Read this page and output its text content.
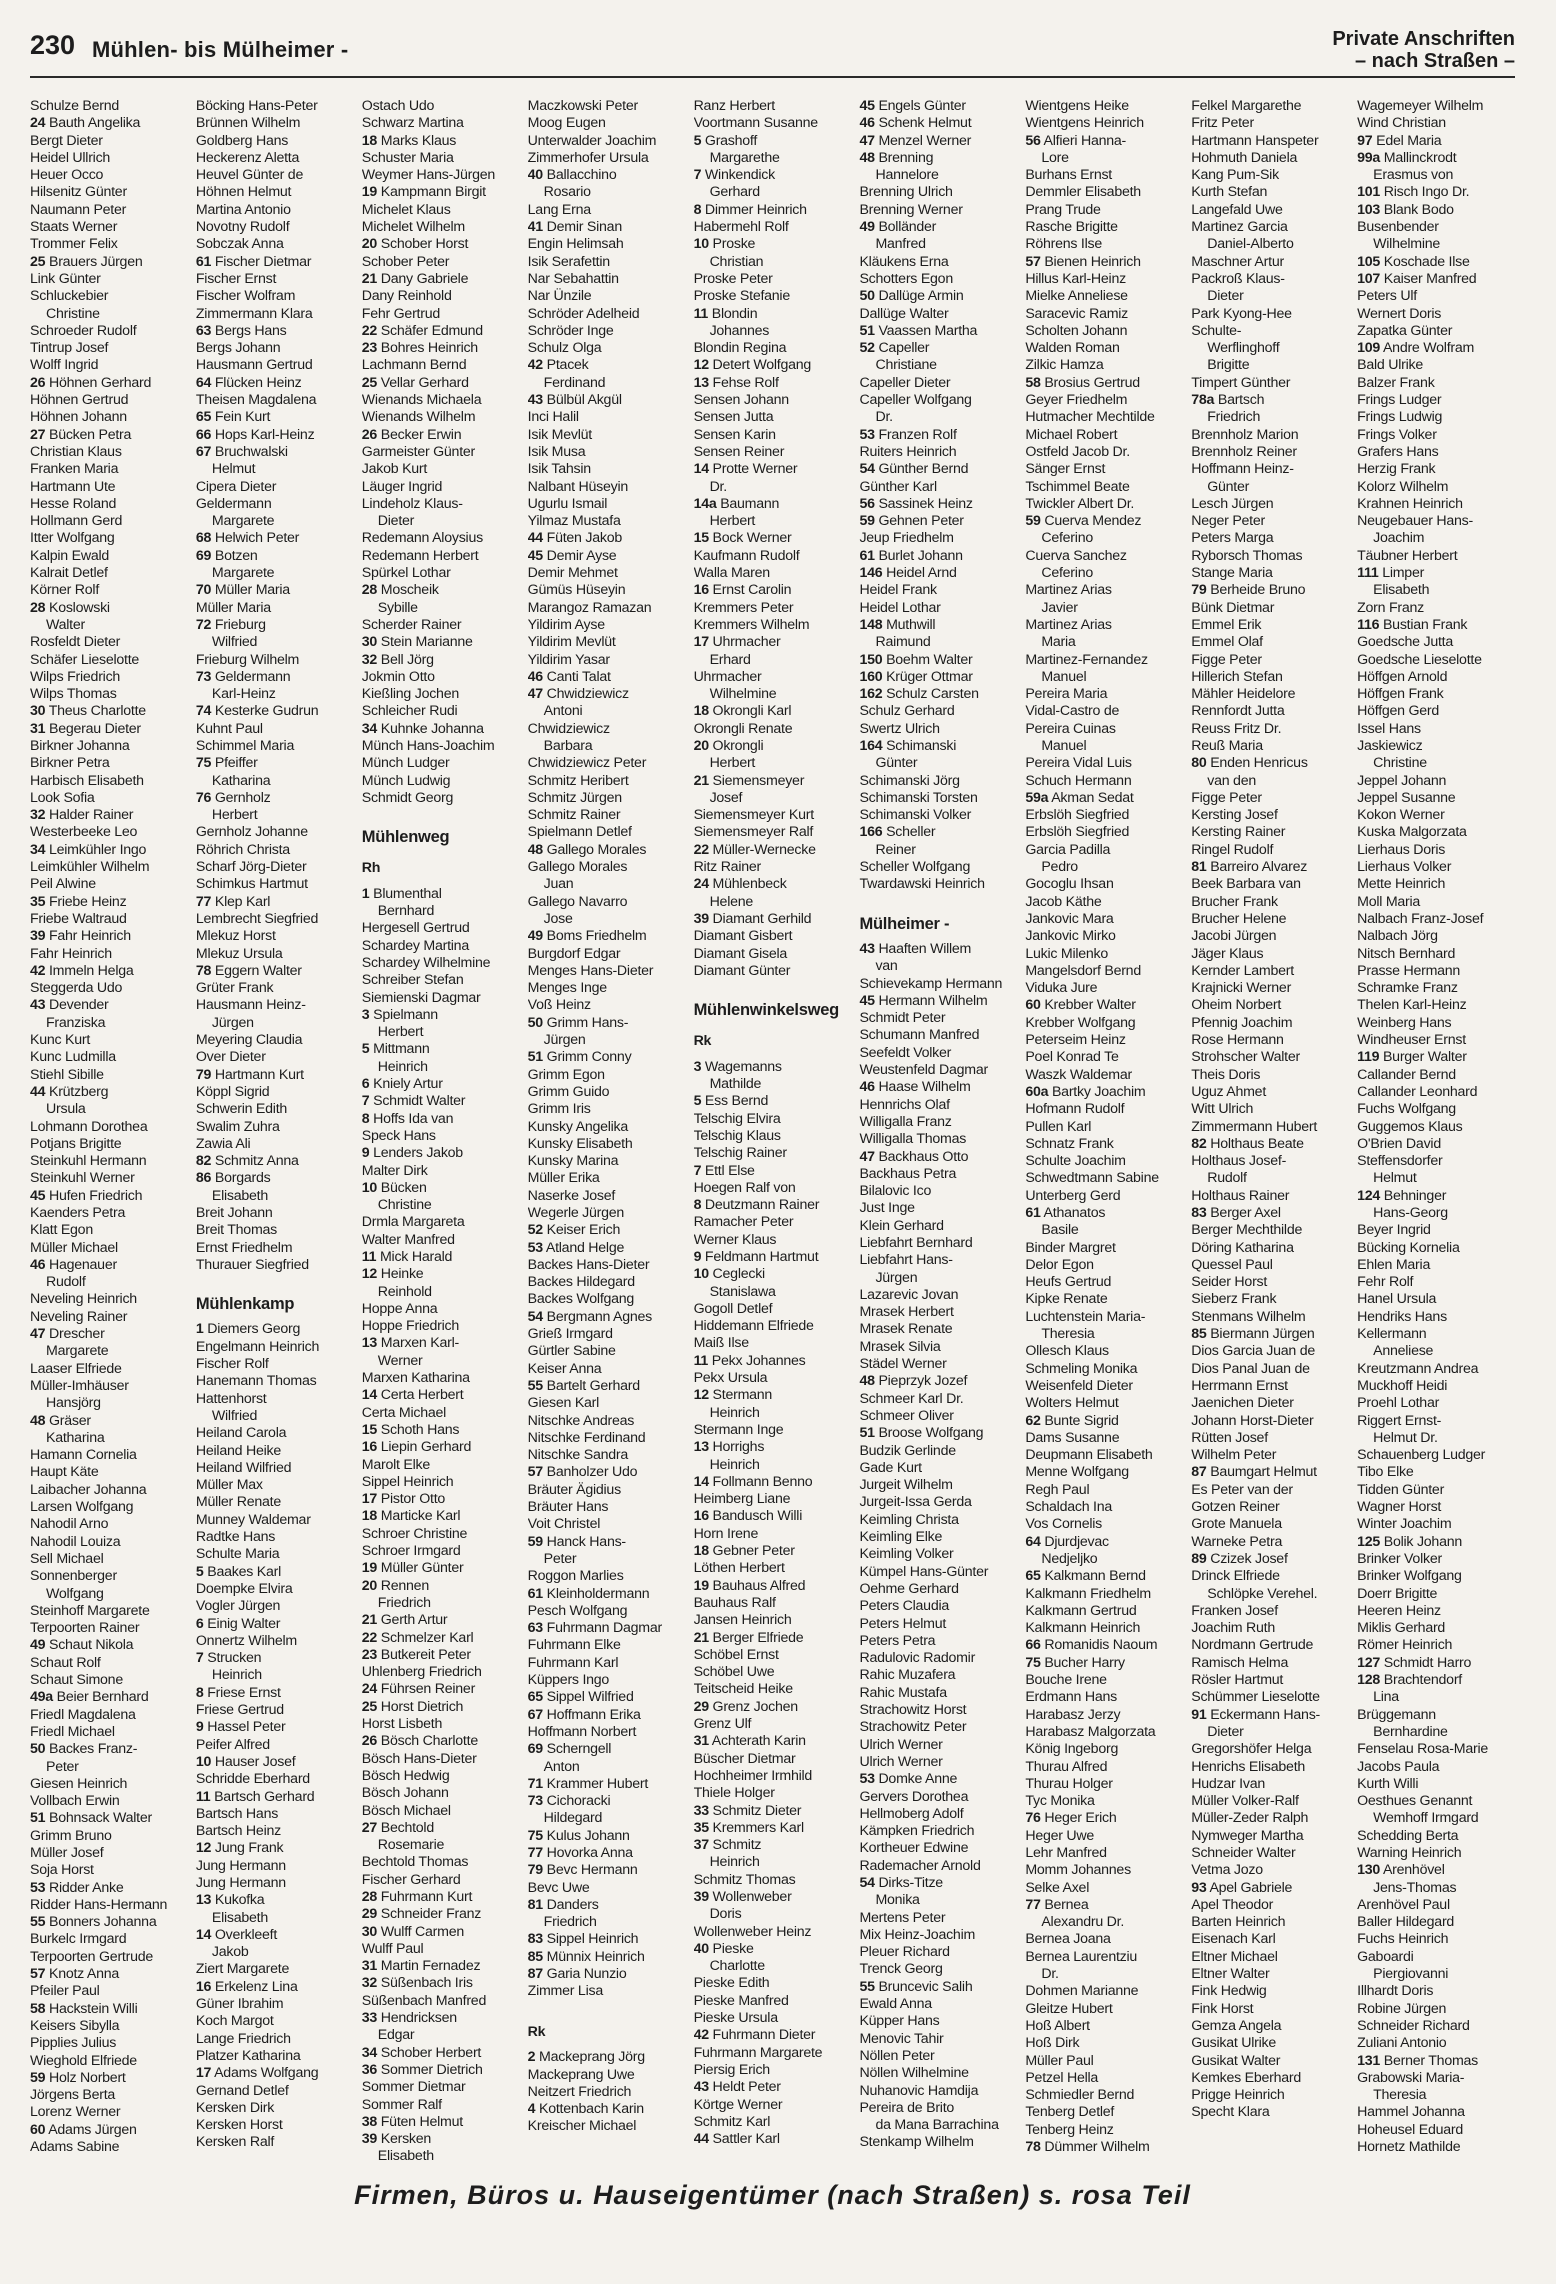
230 Mühlen- bis Mülheimer -	Private Anschriften
– nach Straßen –
Schulze Bernd
24 Bauth Angelika
Bergt Dieter
Heidel Ullrich
Heuer Occo
Hilsenitz Günter
Naumann Peter
Staats Werner
Trommer Felix
25 Brauers Jürgen
Link Günter
Schluckebier
Christine
Schroeder Rudolf
Tintrup Josef
Wolff Ingrid
26 Höhnen Gerhard
Höhnen Gertrud
Höhnen Johann
27 Bücken Petra
Christian Klaus
Franken Maria
Hartmann Ute
Hesse Roland
Hollmann Gerd
Itter Wolfgang
Kalpin Ewald
Kalrait Detlef
Körner Rolf
28 Koslowski
Walter
Rosfeldt Dieter
Schäfer Lieselotte
Wilps Friedrich
Wilps Thomas
30 Theus Charlotte
31 Begerau Dieter
Birkner Johanna
Birkner Petra
Harbisch Elisabeth
Look Sofia
32 Halder Rainer
Westerbeeke Leo
34 Leimkühler Ingo
Leimkühler Wilhelm
Peil Alwine
35 Friebe Heinz
Friebe Waltraud
39 Fahr Heinrich
Fahr Heinrich
42 Immeln Helga
Steggerda Udo
43 Devender
Franziska
Kunc Kurt
Kunc Ludmilla
Stiehl Sibille
44 Krützberg
Ursula
Lohmann Dorothea
Potjans Brigitte
Steinkuhl Hermann
Steinkuhl Werner
45 Hufen Friedrich
Kaenders Petra
Klatt Egon
Müller Michael
46 Hagenauer
Rudolf
Neveling Heinrich
Neveling Rainer
47 Drescher
Margarete
Laaser Elfriede
Müller-Imhäuser
Hansjörg
48 Gräser
Katharina
Hamann Cornelia
Haupt Käte
Laibacher Johanna
Larsen Wolfgang
Nahodil Arno
Nahodil Louiza
Sell Michael
Sonnenberger
Wolfgang
Steinhoff Margarete
Terpoorten Rainer
49 Schaut Nikola
Schaut Rolf
Schaut Simone
49a Beier Bernhard
Friedl Magdalena
Friedl Michael
50 Backes Franz-
Peter
Giesen Heinrich
Vollbach Erwin
51 Bohnsack Walter
Grimm Bruno
Müller Josef
Soja Horst
53 Ridder Anke
Ridder Hans-Hermann
55 Bonners Johanna
Burkelc Irmgard
Terpoorten Gertrude
57 Knotz Anna
Pfeiler Paul
58 Hackstein Willi
Keisers Sibylla
Pipplies Julius
Wieghold Elfriede
59 Holz Norbert
Jörgens Berta
Lorenz Werner
60 Adams Jürgen
Adams Sabine
Böcking Hans-Peter
Brünnen Wilhelm
Goldberg Hans
Heckerenz Aletta
Heuvel Günter de
Höhnen Helmut
Martina Antonio
Novotny Rudolf
Sobczak Anna
61 Fischer Dietmar
Fischer Ernst
Fischer Wolfram
Zimmermann Klara
63 Bergs Hans
Bergs Johann
Hausmann Gertrud
64 Flücken Heinz
Theisen Magdalena
65 Fein Kurt
66 Hops Karl-Heinz
67 Bruchwalski
Helmut
Cipera Dieter
Geldermann
Margarete
68 Helwich Peter
69 Botzen
Margarete
70 Müller Maria
Müller Maria
72 Frieburg
Wilfried
Frieburg Wilhelm
73 Geldermann
Karl-Heinz
74 Kesterke Gudrun
Kuhnt Paul
Schimmel Maria
75 Pfeiffer
Katharina
76 Gernholz
Herbert
Gernholz Johanne
Röhrich Christa
Scharf Jörg-Dieter
Schimkus Hartmut
77 Klep Karl
Lembrecht Siegfried
Mlekuz Horst
Mlekuz Ursula
78 Eggern Walter
Grüter Frank
Hausmann Heinz-
Jürgen
Meyering Claudia
Over Dieter
79 Hartmann Kurt
Köppl Sigrid
Schwerin Edith
Swalim Zuhra
Zawia Ali
82 Schmitz Anna
86 Borgards
Elisabeth
Breit Johann
Breit Thomas
Ernst Friedhelm
Thurauer Siegfried
Mühlenkamp
1 Diemers Georg
Engelmann Heinrich
Fischer Rolf
Hanemann Thomas
Hattenhorst
Wilfried
Heiland Carola
Heiland Heike
Heiland Wilfried
Müller Max
Müller Renate
Munney Waldemar
Radtke Hans
Schulte Maria
5 Baakes Karl
Doempke Elvira
Vogler Jürgen
6 Einig Walter
Onnertz Wilhelm
7 Strucken
Heinrich
8 Friese Ernst
Friese Gertrud
9 Hassel Peter
Peifer Alfred
10 Hauser Josef
Schridde Eberhard
11 Bartsch Gerhard
Bartsch Hans
Bartsch Heinz
12 Jung Frank
Jung Hermann
Jung Hermann
13 Kukofka
Elisabeth
14 Overkleeft
Jakob
Ziert Margarete
16 Erkelenz Lina
Güner Ibrahim
Koch Margot
Lange Friedrich
Platzer Katharina
17 Adams Wolfgang
Gernand Detlef
Kersken Dirk
Kersken Horst
Kersken Ralf
Ostach Udo
Schwarz Martina
18 Marks Klaus
Schuster Maria
Weymer Hans-Jürgen
19 Kampmann Birgit
Michelet Klaus
Michelet Wilhelm
20 Schober Horst
Schober Peter
21 Dany Gabriele
Dany Reinhold
Fehr Gertrud
22 Schäfer Edmund
23 Bohres Heinrich
Lachmann Bernd
25 Vellar Gerhard
Wienands Michaela
Wienands Wilhelm
26 Becker Erwin
Garmeister Günter
Jakob Kurt
Läuger Ingrid
Lindeholz Klaus-
Dieter
Redemann Aloysius
Redemann Herbert
Spürkel Lothar
28 Moscheik
Sybille
Scherder Rainer
30 Stein Marianne
32 Bell Jörg
Jokmin Otto
Kießling Jochen
Schleicher Rudi
34 Kuhnke Johanna
Münch Hans-Joachim
Münch Ludger
Münch Ludwig
Schmidt Georg
Mühlenweg
Rh
1 Blumenthal
Bernhard
Hergesell Gertrud
Schardey Martina
Schardey Wilhelmine
Schreiber Stefan
Siemienski Dagmar
3 Spielmann
Herbert
5 Mittmann
Heinrich
6 Kniely Artur
7 Schmidt Walter
8 Hoffs Ida van
Speck Hans
9 Lenders Jakob
Malter Dirk
10 Bücken
Christine
Drmla Margareta
Walter Manfred
11 Mick Harald
12 Heinke
Reinhold
Hoppe Anna
Hoppe Friedrich
13 Marxen Karl-
Werner
Marxen Katharina
14 Certa Herbert
Certa Michael
15 Schoth Hans
16 Liepin Gerhard
Marolt Elke
Sippel Heinrich
17 Pistor Otto
18 Marticke Karl
Schroer Christine
Schroer Irmgard
19 Müller Günter
20 Rennen
Friedrich
21 Gerth Artur
22 Schmelzer Karl
23 Butkereit Peter
Uhlenberg Friedrich
24 Führsen Reiner
25 Horst Dietrich
Horst Lisbeth
26 Bösch Charlotte
Bösch Hans-Dieter
Bösch Hedwig
Bösch Johann
Bösch Michael
27 Bechtold
Rosemarie
Bechtold Thomas
Fischer Gerhard
28 Fuhrmann Kurt
29 Schneider Franz
30 Wulff Carmen
Wulff Paul
31 Martin Fernadez
32 Süßenbach Iris
Süßenbach Manfred
33 Hendricksen
Edgar
34 Schober Herbert
36 Sommer Dietrich
Sommer Dietmar
Sommer Ralf
38 Füten Helmut
39 Kersken
Elisabeth
Maczkowski Peter
Moog Eugen
Unterwalder Joachim
Zimmerhofer Ursula
40 Ballacchino
Rosario
Lang Erna
41 Demir Sinan
Engin Helimsah
Isik Serafettin
Nar Sebahattin
Nar Ünzile
Schröder Adelheid
Schröder Inge
Schulz Olga
42 Ptacek
Ferdinand
43 Bülbül Akgül
Inci Halil
Isik Mevlüt
Isik Musa
Isik Tahsin
Nalbant Hüseyin
Ugurlu Ismail
Yilmaz Mustafa
44 Füten Jakob
45 Demir Ayse
Demir Mehmet
Gümüs Hüseyin
Marangoz Ramazan
Yildirim Ayse
Yildirim Mevlüt
Yildirim Yasar
46 Canti Talat
47 Chwidziewicz
Antoni
Chwidziewicz
Barbara
Chwidziewicz Peter
Schmitz Heribert
Schmitz Jürgen
Schmitz Rainer
Spielmann Detlef
48 Gallego Morales
Gallego Morales
Juan
Gallego Navarro
Jose
49 Boms Friedhelm
Burgdorf Edgar
Menges Hans-Dieter
Menges Inge
Voß Heinz
50 Grimm Hans-
Jürgen
51 Grimm Conny
Grimm Egon
Grimm Guido
Grimm Iris
Kunsky Angelika
Kunsky Elisabeth
Kunsky Marina
Müller Erika
Naserke Josef
Wegerle Jürgen
52 Keiser Erich
53 Atland Helge
Backes Hans-Dieter
Backes Hildegard
Backes Wolfgang
54 Bergmann Agnes
Grieß Irmgard
Gürtler Sabine
Keiser Anna
55 Bartelt Gerhard
Giesen Karl
Nitschke Andreas
Nitschke Ferdinand
Nitschke Sandra
57 Banholzer Udo
Bräuter Ägidius
Bräuter Hans
Voit Christel
59 Hanck Hans-
Peter
Roggon Marlies
61 Kleinholdermann
Pesch Wolfgang
63 Fuhrmann Dagmar
Fuhrmann Elke
Fuhrmann Karl
Küppers Ingo
65 Sippel Wilfried
67 Hoffmann Erika
Hoffmann Norbert
69 Scherngell
Anton
71 Krammer Hubert
73 Cichoracki
Hildegard
75 Kulus Johann
77 Hovorka Anna
79 Bevc Hermann
Bevc Uwe
81 Danders
Friedrich
83 Sippel Heinrich
85 Münnix Heinrich
87 Garia Nunzio
Zimmer Lisa
Rk
2 Mackeprang Jörg
Mackeprang Uwe
Neitzert Friedrich
4 Kottenbach Karin
Kreischer Michael
Ranz Herbert
Voortmann Susanne
5 Grashoff
Margarethe
7 Winkendick
Gerhard
8 Dimmer Heinrich
Habermehl Rolf
10 Proske
Christian
Proske Peter
Proske Stefanie
11 Blondin
Johannes
Blondin Regina
12 Detert Wolfgang
13 Fehse Rolf
Sensen Johann
Sensen Jutta
Sensen Karin
Sensen Reiner
14 Protte Werner
Dr.
14a Baumann
Herbert
15 Bock Werner
Kaufmann Rudolf
Walla Maren
16 Ernst Carolin
Kremmers Peter
Kremmers Wilhelm
17 Uhrmacher
Erhard
Uhrmacher
Wilhelmine
18 Okrongli Karl
Okrongli Renate
20 Okrongli
Herbert
21 Siemensmeyer
Josef
Siemensmeyer Kurt
Siemensmeyer Ralf
22 Müller-Wernecke
Ritz Rainer
24 Mühlenbeck
Helene
39 Diamant Gerhild
Diamant Gisbert
Diamant Gisela
Diamant Günter
Mühlenwinkelsweg
Rk
3 Wagemanns
Mathilde
5 Ess Bernd
Telschig Elvira
Telschig Klaus
Telschig Rainer
7 Ettl Else
Hoegen Ralf von
8 Deutzmann Rainer
Ramacher Peter
Werner Klaus
9 Feldmann Hartmut
10 Ceglecki
Stanislawa
Gogoll Detlef
Hiddemann Elfriede
Maiß Ilse
11 Pekx Johannes
Pekx Ursula
12 Stermann
Heinrich
Stermann Inge
13 Horrighs
Heinrich
14 Follmann Benno
Heimberg Liane
16 Bandusch Willi
Horn Irene
18 Gebner Peter
Löthen Herbert
19 Bauhaus Alfred
Bauhaus Ralf
Jansen Heinrich
21 Berger Elfriede
Schöbel Ernst
Schöbel Uwe
Teitscheid Heike
29 Grenz Jochen
Grenz Ulf
31 Achterath Karin
Büscher Dietmar
Hochheimer Irmhild
Thiele Holger
33 Schmitz Dieter
35 Kremmers Karl
37 Schmitz
Heinrich
Schmitz Thomas
39 Wollenweber
Doris
Wollenweber Heinz
40 Pieske
Charlotte
Pieske Edith
Pieske Manfred
Pieske Ursula
42 Fuhrmann Dieter
Fuhrmann Margarete
Piersig Erich
43 Heldt Peter
Körtge Werner
Schmitz Karl
44 Sattler Karl
45 Engels Günter
46 Schenk Helmut
47 Menzel Werner
48 Brenning
Hannelore
Brenning Ulrich
Brenning Werner
49 Bolländer
Manfred
Kläukens Erna
Schotters Egon
50 Dallüge Armin
Dallüge Walter
51 Vaassen Martha
52 Capeller
Christiane
Capeller Dieter
Capeller Wolfgang
Dr.
53 Franzen Rolf
Ruiters Heinrich
54 Günther Bernd
Günther Karl
56 Sassinek Heinz
59 Gehnen Peter
Jeup Friedhelm
61 Burlet Johann
146 Heidel Arnd
Heidel Frank
Heidel Lothar
148 Muthwill
Raimund
150 Boehm Walter
160 Krüger Ottmar
162 Schulz Carsten
Schulz Gerhard
Swertz Ulrich
164 Schimanski
Günter
Schimanski Jörg
Schimanski Torsten
Schimanski Volker
166 Scheller
Reiner
Scheller Wolfgang
Twardawski Heinrich
Mülheimer -
43 Haaften Willem
van
Schievekamp Hermann
45 Hermann Wilhelm
Schmidt Peter
Schumann Manfred
Seefeldt Volker
Weustenfeld Dagmar
46 Haase Wilhelm
Hennrichs Olaf
Willigalla Franz
Willigalla Thomas
47 Backhaus Otto
Backhaus Petra
Bilalovic Ico
Just Inge
Klein Gerhard
Liebfahrt Bernhard
Liebfahrt Hans-
Jürgen
Lazarevic Jovan
Mrasek Herbert
Mrasek Renate
Mrasek Silvia
Städel Werner
48 Pieprzyk Jozef
Schmeer Karl Dr.
Schmeer Oliver
51 Broose Wolfgang
Budzik Gerlinde
Gade Kurt
Jurgeit Wilhelm
Jurgeit-Issa Gerda
Keimling Christa
Keimling Elke
Keimling Volker
Kümpel Hans-Günter
Oehme Gerhard
Peters Claudia
Peters Helmut
Peters Petra
Radulovic Radomir
Rahic Muzafera
Rahic Mustafa
Strachowitz Horst
Strachowitz Peter
Ulrich Werner
Ulrich Werner
53 Domke Anne
Gervers Dorothea
Hellmoberg Adolf
Kämpken Friedrich
Kortheuer Edwine
Rademacher Arnold
54 Dirks-Titze
Monika
Mertens Peter
Mix Heinz-Joachim
Pleuer Richard
Trenck Georg
55 Bruncevic Salih
Ewald Anna
Küpper Hans
Menovic Tahir
Nöllen Peter
Nöllen Wilhelmine
Nuhanovic Hamdija
Pereira de Brito
da Mana Barrachina
Stenkamp Wilhelm
Wientgens Heike
Wientgens Heinrich
56 Alfieri Hanna-
Lore
Burhans Ernst
Demmler Elisabeth
Prang Trude
Rasche Brigitte
Röhrens Ilse
57 Bienen Heinrich
Hillus Karl-Heinz
Mielke Anneliese
Saracevic Ramiz
Scholten Johann
Walden Roman
Zilkic Hamza
58 Brosius Gertrud
Geyer Friedhelm
Hutmacher Mechtilde
Michael Robert
Ostfeld Jacob Dr.
Sänger Ernst
Tschimmel Beate
Twickler Albert Dr.
59 Cuerva Mendez
Ceferino
Cuerva Sanchez
Ceferino
Martinez Arias
Javier
Martinez Arias
Maria
Martinez-Fernandez
Manuel
Pereira Maria
Vidal-Castro de
Pereira Cuinas
Manuel
Pereira Vidal Luis
Schuch Hermann
59a Akman Sedat
Erbslöh Siegfried
Erbslöh Siegfried
Garcia Padilla
Pedro
Gocoglu Ihsan
Jacob Käthe
Jankovic Mara
Jankovic Mirko
Lukic Milenko
Mangelsdorf Bernd
Viduka Jure
60 Krebber Walter
Krebber Wolfgang
Peterseim Heinz
Poel Konrad Te
Waszk Waldemar
60a Bartky Joachim
Hofmann Rudolf
Pullen Karl
Schnatz Frank
Schulte Joachim
Schwedtmann Sabine
Unterberg Gerd
61 Athanatos
Basile
Binder Margret
Delor Egon
Heufs Gertrud
Kipke Renate
Luchtenstein Maria-
Theresia
Ollesch Klaus
Schmeling Monika
Weisenfeld Dieter
Wolters Helmut
62 Bunte Sigrid
Dams Susanne
Deupmann Elisabeth
Menne Wolfgang
Regh Paul
Schaldach Ina
Vos Cornelis
64 Djurdjevac
Nedjeljko
65 Kalkmann Bernd
Kalkmann Friedhelm
Kalkmann Gertrud
Kalkmann Heinrich
66 Romanidis Naoum
75 Bucher Harry
Bouche Irene
Erdmann Hans
Harabasz Jerzy
Harabasz Malgorzata
König Ingeborg
Thurau Alfred
Thurau Holger
Tyc Monika
76 Heger Erich
Heger Uwe
Lehr Manfred
Momm Johannes
Selke Axel
77 Bernea
Alexandru Dr.
Bernea Joana
Bernea Laurentziu
Dr.
Dohmen Marianne
Gleitze Hubert
Hoß Albert
Hoß Dirk
Müller Paul
Petzel Hella
Schmiedler Bernd
Tenberg Detlef
Tenberg Heinz
78 Dümmer Wilhelm
Felkel Margarethe
Fritz Peter
Hartmann Hanspeter
Hohmuth Daniela
Kang Pum-Sik
Kurth Stefan
Langefald Uwe
Martinez Garcia
Daniel-Alberto
Maschner Artur
Packroß Klaus-
Dieter
Park Kyong-Hee
Schulte-
Werflinghoff
Brigitte
Timpert Günther
78a Bartsch
Friedrich
Brennholz Marion
Brennholz Reiner
Hoffmann Heinz-
Günter
Lesch Jürgen
Neger Peter
Peters Marga
Ryborsch Thomas
Stange Maria
79 Berheide Bruno
Bünk Dietmar
Emmel Erik
Emmel Olaf
Figge Peter
Hillerich Stefan
Mähler Heidelore
Rennfordt Jutta
Reuss Fritz Dr.
Reuß Maria
80 Enden Henricus
van den
Figge Peter
Kersting Josef
Kersting Rainer
Ringel Rudolf
81 Barreiro Alvarez
Beek Barbara van
Brucher Frank
Brucher Helene
Jacobi Jürgen
Jäger Klaus
Kernder Lambert
Krajnicki Werner
Oheim Norbert
Pfennig Joachim
Rose Hermann
Strohscher Walter
Theis Doris
Uguz Ahmet
Witt Ulrich
Zimmermann Hubert
82 Holthaus Beate
Holthaus Josef-
Rudolf
Holthaus Rainer
83 Berger Axel
Berger Mechthilde
Döring Katharina
Quessel Paul
Seider Horst
Sieberz Frank
Stenmans Wilhelm
85 Biermann Jürgen
Dios Garcia Juan de
Dios Panal Juan de
Herrmann Ernst
Jaenichen Dieter
Johann Horst-Dieter
Rütten Josef
Wilhelm Peter
87 Baumgart Helmut
Es Peter van der
Gotzen Reiner
Grote Manuela
Warneke Petra
89 Czizek Josef
Drinck Elfriede
Schlöpke Verehel.
Franken Josef
Joachim Ruth
Nordmann Gertrude
Ramisch Helma
Rösler Hartmut
Schümmer Lieselotte
91 Eckermann Hans-
Dieter
Gregorshöfer Helga
Henrichs Elisabeth
Hudzar Ivan
Müller Volker-Ralf
Müller-Zeder Ralph
Nymweger Martha
Schneider Walter
Vetma Jozo
93 Apel Gabriele
Apel Theodor
Barten Heinrich
Eisenach Karl
Eltner Michael
Eltner Walter
Fink Hedwig
Fink Horst
Gemza Angela
Gusikat Ulrike
Gusikat Walter
Kemkes Eberhard
Prigge Heinrich
Specht Klara
Wagemeyer Wilhelm
Wind Christian
97 Edel Maria
99a Mallinckrodt
Erasmus von
101 Risch Ingo Dr.
103 Blank Bodo
Busenbender
Wilhelmine
105 Koschade Ilse
107 Kaiser Manfred
Peters Ulf
Wernert Doris
Zapatka Günter
109 Andre Wolfram
Bald Ulrike
Balzer Frank
Frings Ludger
Frings Ludwig
Frings Volker
Grafers Hans
Herzig Frank
Kolorz Wilhelm
Krahnen Heinrich
Neugebauer Hans-
Joachim
Täubner Herbert
111 Limper
Elisabeth
Zorn Franz
116 Bustian Frank
Goedsche Jutta
Goedsche Lieselotte
Höffgen Arnold
Höffgen Frank
Höffgen Gerd
Issel Hans
Jaskiewicz
Christine
Jeppel Johann
Jeppel Susanne
Kokon Werner
Kuska Malgorzata
Lierhaus Doris
Lierhaus Volker
Mette Heinrich
Moll Maria
Nalbach Franz-Josef
Nalbach Jörg
Nitsch Bernhard
Prasse Hermann
Schramke Franz
Thelen Karl-Heinz
Weinberg Hans
Windheuser Ernst
119 Burger Walter
Callander Bernd
Callander Leonhard
Fuchs Wolfgang
Guggemos Klaus
O'Brien David
Steffensdorfer
Helmut
124 Behninger
Hans-Georg
Beyer Ingrid
Bücking Kornelia
Ehlen Maria
Fehr Rolf
Hanel Ursula
Hendriks Hans
Kellermann
Anneliese
Kreutzmann Andrea
Muckhoff Heidi
Proehl Lothar
Riggert Ernst-
Helmut Dr.
Schauenberg Ludger
Tibo Elke
Tidden Günter
Wagner Horst
Winter Joachim
125 Bolik Johann
Brinker Volker
Brinker Wolfgang
Doerr Brigitte
Heeren Heinz
Miklis Gerhard
Römer Heinrich
127 Schmidt Harro
128 Brachtendorf
Lina
Brüggemann
Bernhardine
Fenselau Rosa-Marie
Jacobs Paula
Kurth Willi
Oesthues Genannt
Wemhoff Irmgard
Schedding Berta
Warning Heinrich
130 Arenhövel
Jens-Thomas
Arenhövel Paul
Baller Hildegard
Fuchs Heinrich
Gaboardi
Piergiovanni
Illhardt Doris
Robine Jürgen
Schneider Richard
Zuliani Antonio
131 Berner Thomas
Grabowski Maria-
Theresia
Hammel Johanna
Hoheusel Eduard
Hornetz Mathilde
Firmen, Büros u. Hauseigentümer (nach Straßen) s. rosa Teil
